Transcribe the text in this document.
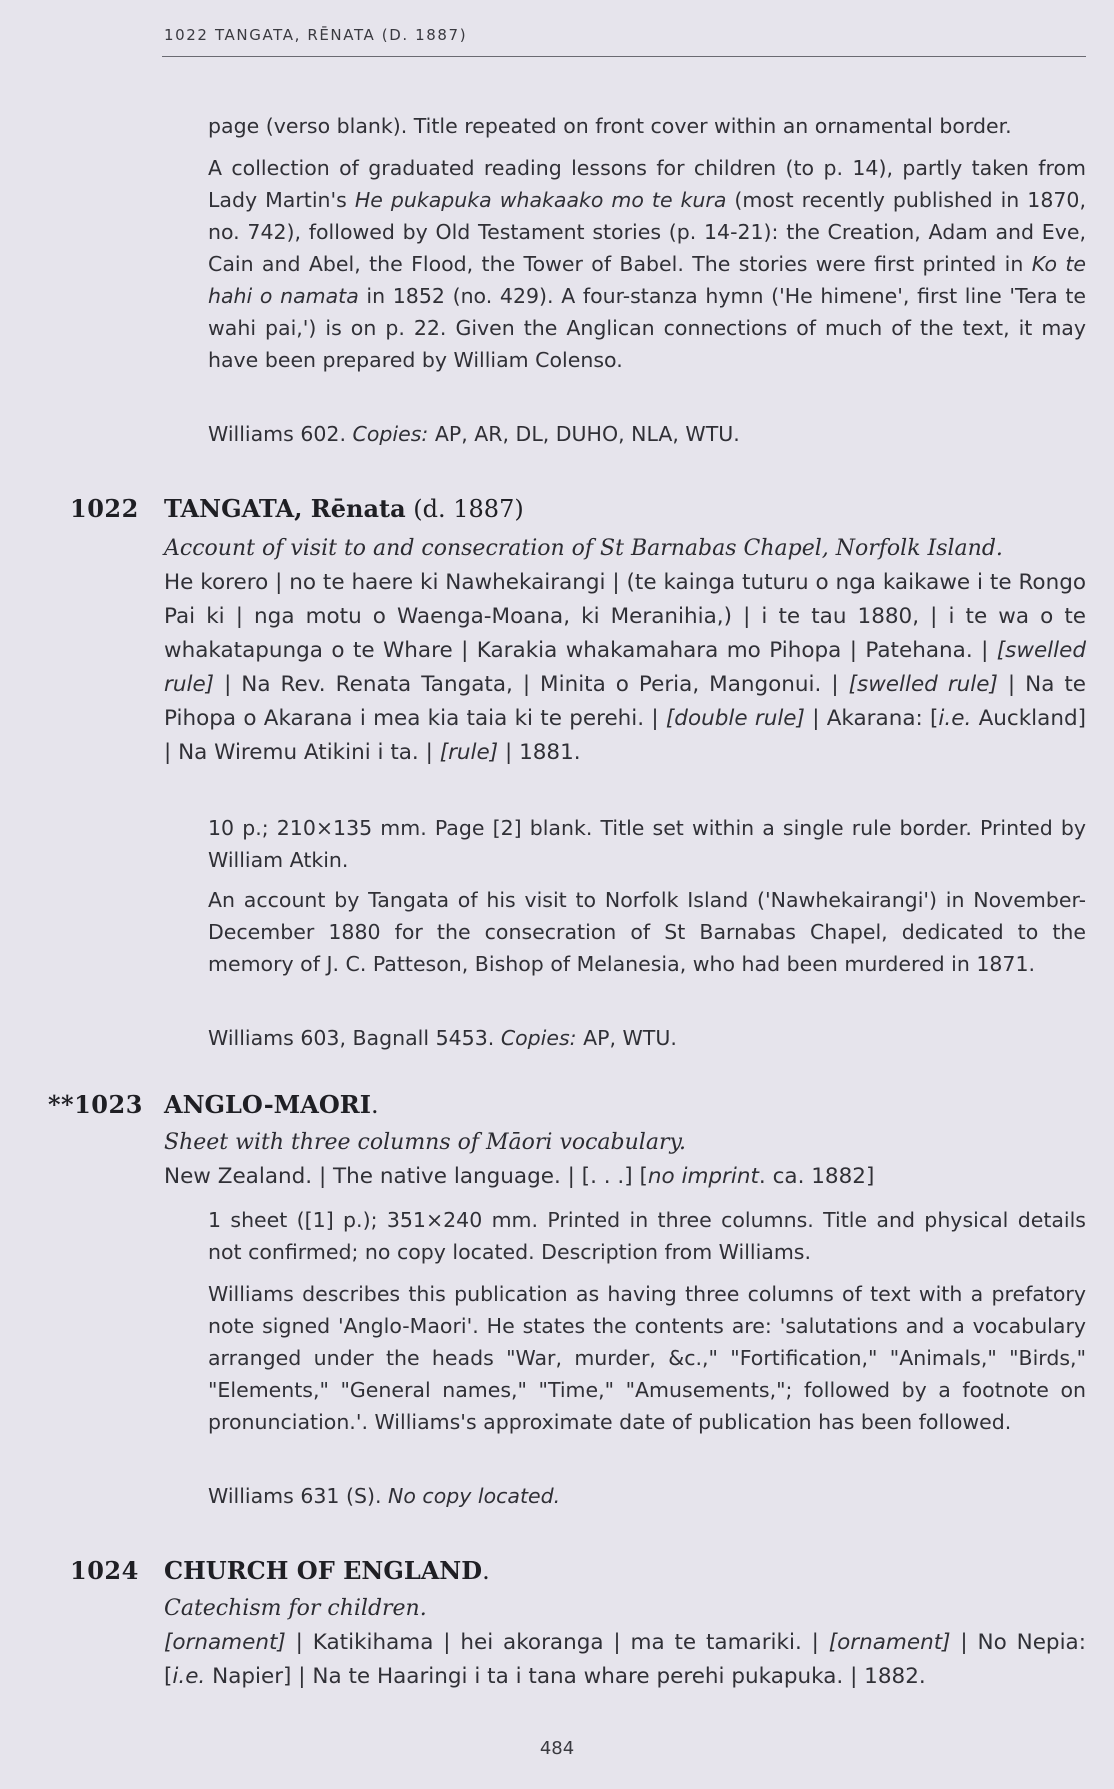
1022 TANGATA, RĒNATA (D. 1887)
page (verso blank). Title repeated on front cover within an ornamental border.
A collection of graduated reading lessons for children (to p. 14), partly taken from Lady Martin's He pukapuka whakaako mo te kura (most recently published in 1870, no. 742), followed by Old Testament stories (p. 14-21): the Creation, Adam and Eve, Cain and Abel, the Flood, the Tower of Babel. The stories were first printed in Ko te hahi o namata in 1852 (no. 429). A four-stanza hymn ('He himene', first line 'Tera te wahi pai,') is on p. 22. Given the Anglican connections of much of the text, it may have been prepared by William Colenso.
Williams 602. Copies: AP, AR, DL, DUHO, NLA, WTU.
1022 TANGATA, Rēnata (d. 1887)
Account of visit to and consecration of St Barnabas Chapel, Norfolk Island.
He korero | no te haere ki Nawhekairangi | (te kainga tuturu o nga kaikawe i te Rongo Pai ki | nga motu o Waenga-Moana, ki Meranihia,) | i te tau 1880, | i te wa o te whakatapunga o te Whare | Karakia whakamahara mo Pihopa | Patehana. | [swelled rule] | Na Rev. Renata Tangata, | Minita o Peria, Mangonui. | [swelled rule] | Na te Pihopa o Akarana i mea kia taia ki te perehi. | [double rule] | Akarana: [i.e. Auckland] | Na Wiremu Atikini i ta. | [rule] | 1881.
10 p.; 210×135 mm. Page [2] blank. Title set within a single rule border. Printed by William Atkin.
An account by Tangata of his visit to Norfolk Island ('Nawhekairangi') in November-December 1880 for the consecration of St Barnabas Chapel, dedicated to the memory of J. C. Patteson, Bishop of Melanesia, who had been murdered in 1871.
Williams 603, Bagnall 5453. Copies: AP, WTU.
**1023 ANGLO-MAORI.
Sheet with three columns of Māori vocabulary.
New Zealand. | The native language. | [. . .] [no imprint. ca. 1882]
1 sheet ([1] p.); 351×240 mm. Printed in three columns. Title and physical details not confirmed; no copy located. Description from Williams.
Williams describes this publication as having three columns of text with a prefatory note signed 'Anglo-Maori'. He states the contents are: 'salutations and a vocabulary arranged under the heads "War, murder, &c.," "Fortification," "Animals," "Birds," "Elements," "General names," "Time," "Amusements,"; followed by a footnote on pronunciation.'. Williams's approximate date of publication has been followed.
Williams 631 (S). No copy located.
1024 CHURCH OF ENGLAND.
Catechism for children.
[ornament] | Katikihama | hei akoranga | ma te tamariki. | [ornament] | No Nepia: [i.e. Napier] | Na te Haaringi i ta i tana whare perehi pukapuka. | 1882.
484
